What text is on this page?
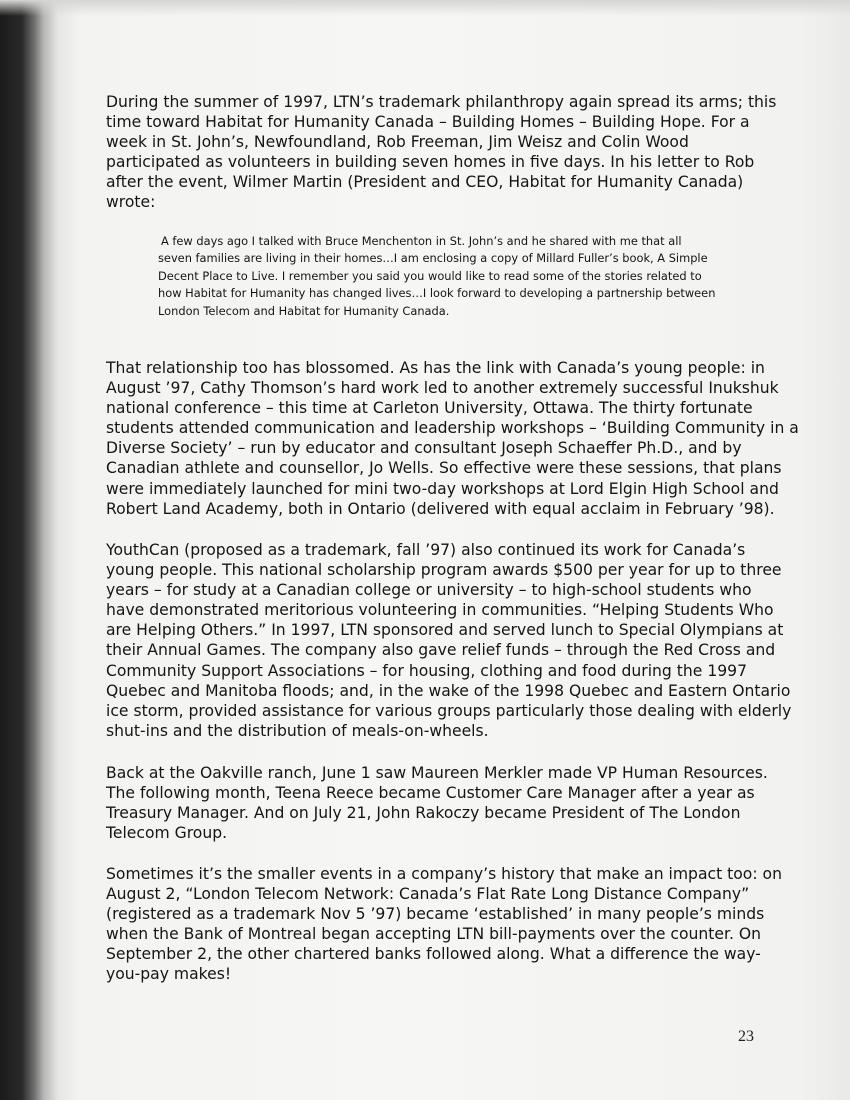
During the summer of 1997, LTN’s trademark philanthropy again spread its arms; this
time toward Habitat for Humanity Canada – Building Homes – Building Hope. For a
week in St. John’s, Newfoundland, Rob Freeman, Jim Weisz and Colin Wood
participated as volunteers in building seven homes in five days. In his letter to Rob
after the event, Wilmer Martin (President and CEO, Habitat for Humanity Canada)
wrote:

A few days ago I talked with Bruce Menchenton in St. John’s and he shared with me that all
seven families are living in their homes…I am enclosing a copy of Millard Fuller’s book, A Simple
Decent Place to Live. I remember you said you would like to read some of the stories related to
how Habitat for Humanity has changed lives…I look forward to developing a partnership between
London Telecom and Habitat for Humanity Canada.

That relationship too has blossomed. As has the link with Canada’s young people: in
August ’97, Cathy Thomson’s hard work led to another extremely successful Inukshuk
national conference – this time at Carleton University, Ottawa. The thirty fortunate
students attended communication and leadership workshops – ‘Building Community in a
Diverse Society’ – run by educator and consultant Joseph Schaeffer Ph.D., and by
Canadian athlete and counsellor, Jo Wells. So effective were these sessions, that plans
were immediately launched for mini two-day workshops at Lord Elgin High School and
Robert Land Academy, both in Ontario (delivered with equal acclaim in February ’98).

YouthCan (proposed as a trademark, fall ’97) also continued its work for Canada’s
young people. This national scholarship program awards $500 per year for up to three
years – for study at a Canadian college or university – to high-school students who
have demonstrated meritorious volunteering in communities. “Helping Students Who
are Helping Others.” In 1997, LTN sponsored and served lunch to Special Olympians at
their Annual Games. The company also gave relief funds – through the Red Cross and
Community Support Associations – for housing, clothing and food during the 1997
Quebec and Manitoba floods; and, in the wake of the 1998 Quebec and Eastern Ontario
ice storm, provided assistance for various groups particularly those dealing with elderly
shut-ins and the distribution of meals-on-wheels.

Back at the Oakville ranch, June 1 saw Maureen Merkler made VP Human Resources.
The following month, Teena Reece became Customer Care Manager after a year as
Treasury Manager. And on July 21, John Rakoczy became President of The London
Telecom Group.

Sometimes it’s the smaller events in a company’s history that make an impact too: on
August 2, “London Telecom Network: Canada’s Flat Rate Long Distance Company”
(registered as a trademark Nov 5 ’97) became ‘established’ in many people’s minds
when the Bank of Montreal began accepting LTN bill-payments over the counter. On
September 2, the other chartered banks followed along. What a difference the way-
you-pay makes!

23
